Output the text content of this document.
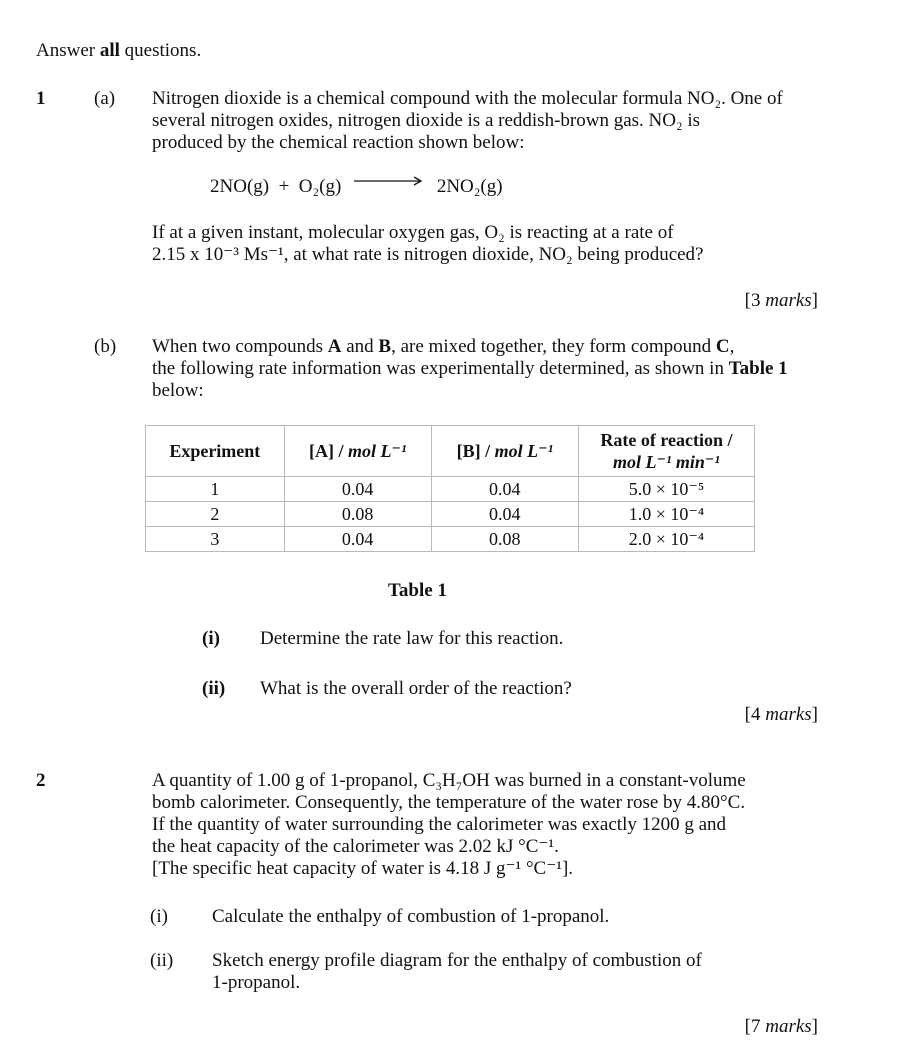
Answer all questions.
1	(a) Nitrogen dioxide is a chemical compound with the molecular formula NO₂. One of
several nitrogen oxides, nitrogen dioxide is a reddish-brown gas. NO₂ is
produced by the chemical reaction shown below:
2NO(g)  +  O₂(g) → 2NO₂(g)
If at a given instant, molecular oxygen gas, O₂ is reacting at a rate of
2.15 x 10⁻³ Ms⁻¹, at what rate is nitrogen dioxide, NO₂ being produced?
[3 marks]
(b) When two compounds A and B, are mixed together, they form compound C,
the following rate information was experimentally determined, as shown in Table 1
below:
Experiment	[A] / mol L⁻¹	[B] / mol L⁻¹	Rate of reaction /
mol L⁻¹ min⁻¹
1	0.04	0.04	5.0 × 10⁻⁵
2	0.08	0.04	1.0 × 10⁻⁴
3	0.04	0.08	2.0 × 10⁻⁴
Table 1
(i) Determine the rate law for this reaction.
(ii) What is the overall order of the reaction?
[4 marks]
2	A quantity of 1.00 g of 1-propanol, C₃H₇OH was burned in a constant-volume
bomb calorimeter. Consequently, the temperature of the water rose by 4.80°C.
If the quantity of water surrounding the calorimeter was exactly 1200 g and
the heat capacity of the calorimeter was 2.02 kJ °C⁻¹.
[The specific heat capacity of water is 4.18 J g⁻¹ °C⁻¹].
(i) Calculate the enthalpy of combustion of 1-propanol.
(ii) Sketch energy profile diagram for the enthalpy of combustion of
1-propanol.
[7 marks]
